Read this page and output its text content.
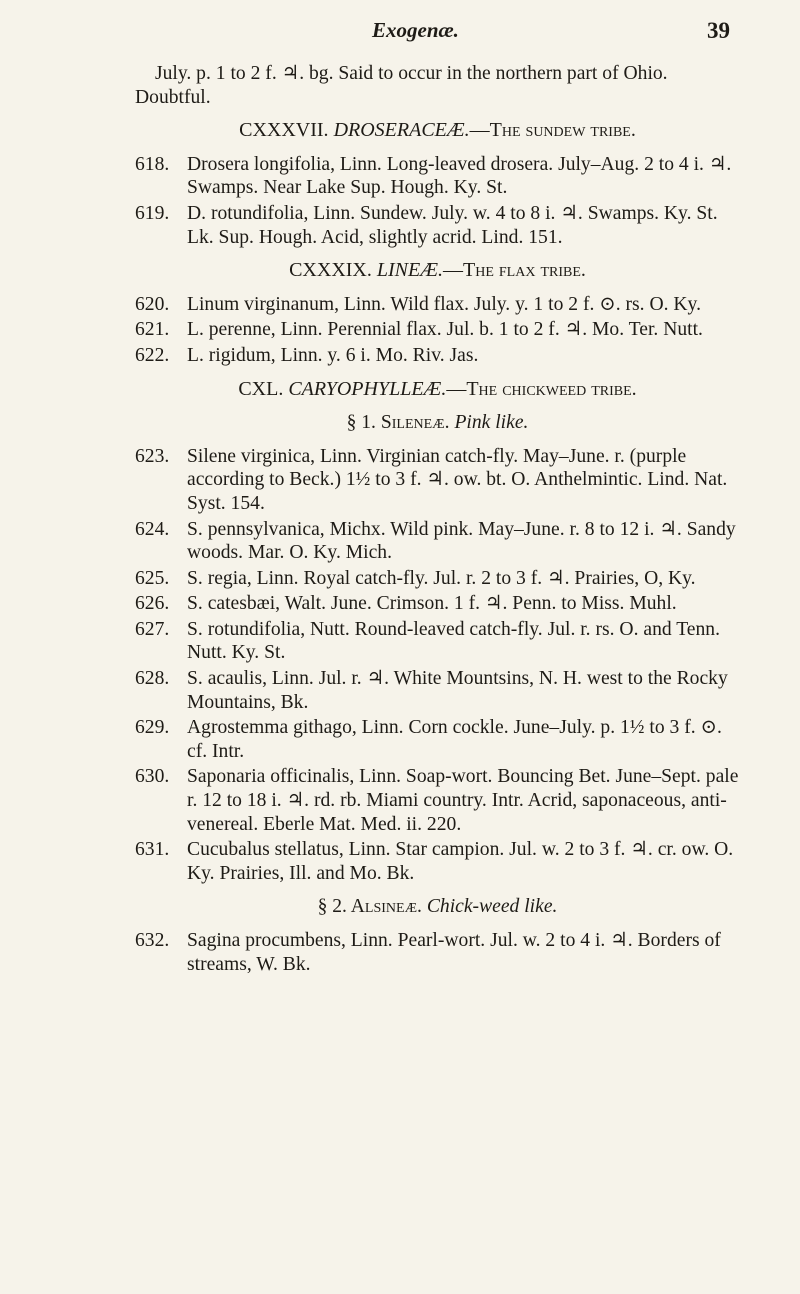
Exogenæ.	39

July. p. 1 to 2 f. ♃. bg. Said to occur in the northern part of Ohio. Doubtful.

CXXXVII. DROSERACEÆ.—The sundew tribe.

618. Drosera longifolia, Linn. Long-leaved drosera. July–Aug. 2 to 4 i. ♃. Swamps. Near Lake Sup. Hough. Ky. St.

619. D. rotundifolia, Linn. Sundew. July. w. 4 to 8 i. ♃. Swamps. Ky. St. Lk. Sup. Hough. Acid, slightly acrid. Lind. 151.

CXXXIX. LINEÆ.—The flax tribe.

620. Linum virginanum, Linn. Wild flax. July. y. 1 to 2 f. ⊙. rs. O. Ky.

621. L. perenne, Linn. Perennial flax. Jul. b. 1 to 2 f. ♃. Mo. Ter. Nutt.

622. L. rigidum, Linn. y. 6 i. Mo. Riv. Jas.

CXL. CARYOPHYLLEÆ.—The chickweed tribe.

§ 1. Sileneæ. Pink like.

623. Silene virginica, Linn. Virginian catch-fly. May–June. r. (purple according to Beck.) 1½ to 3 f. ♃. ow. bt. O. Anthelmintic. Lind. Nat. Syst. 154.

624. S. pennsylvanica, Michx. Wild pink. May–June. r. 8 to 12 i. ♃. Sandy woods. Mar. O. Ky. Mich.

625. S. regia, Linn. Royal catch-fly. Jul. r. 2 to 3 f. ♃. Prairies, O, Ky.

626. S. catesbæi, Walt. June. Crimson. 1 f. ♃. Penn. to Miss. Muhl.

627. S. rotundifolia, Nutt. Round-leaved catch-fly. Jul. r. rs. O. and Tenn. Nutt. Ky. St.

628. S. acaulis, Linn. Jul. r. ♃. White Mountsins, N. H. west to the Rocky Mountains, Bk.

629. Agrostemma githago, Linn. Corn cockle. June–July. p. 1½ to 3 f. ⊙. cf. Intr.

630. Saponaria officinalis, Linn. Soap-wort. Bouncing Bet. June–Sept. pale r. 12 to 18 i. ♃. rd. rb. Miami country. Intr. Acrid, saponaceous, anti-venereal. Eberle Mat. Med. ii. 220.

631. Cucubalus stellatus, Linn. Star campion. Jul. w. 2 to 3 f. ♃. cr. ow. O. Ky. Prairies, Ill. and Mo. Bk.

§ 2. Alsineæ. Chick-weed like.

632. Sagina procumbens, Linn. Pearl-wort. Jul. w. 2 to 4 i. ♃. Borders of streams, W. Bk.
